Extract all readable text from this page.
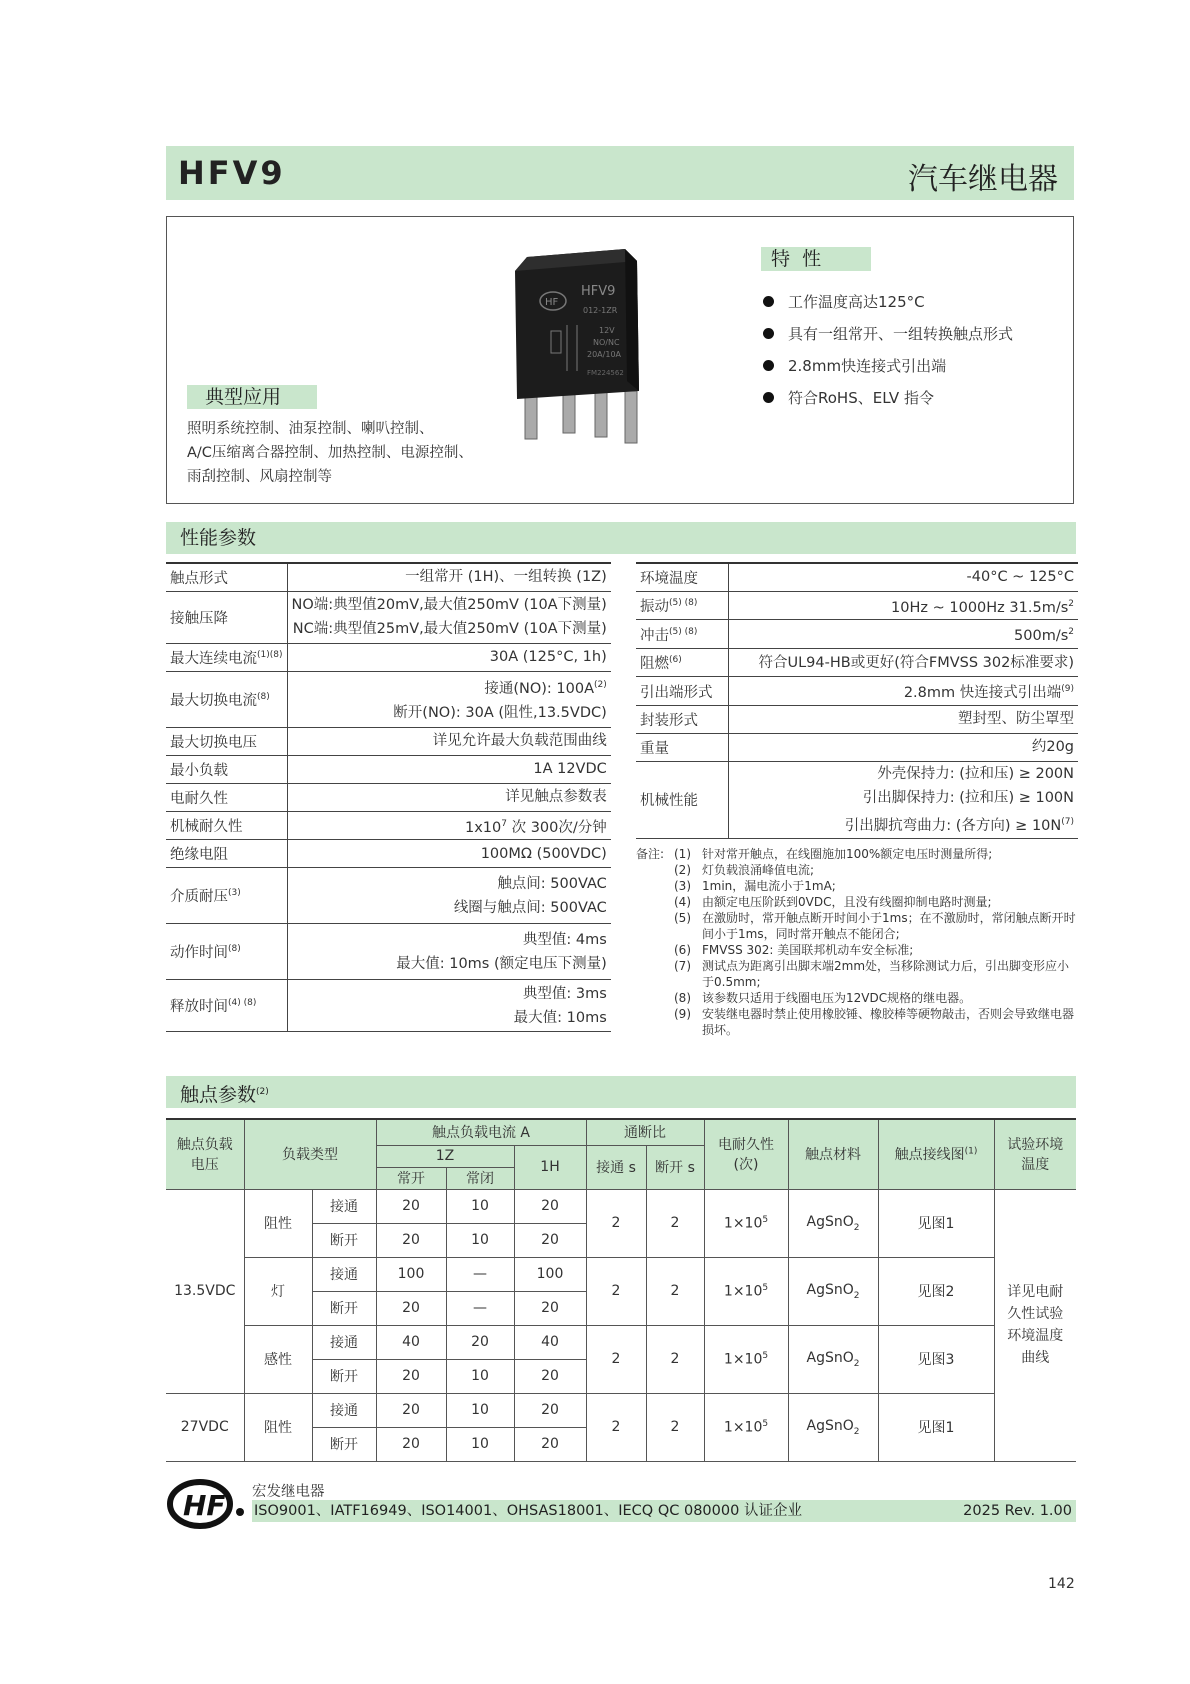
HFV9	汽车继电器
HF
HFV9
012-1ZR
12V
NO/NC
20A/10A
FM224562
特  性
工作温度高达125°C
具有一组常开、一组转换触点形式
2.8mm快连接式引出端
符合RoHS、ELV 指令
典型应用
照明系统控制、油泵控制、喇叭控制、
A/C压缩离合器控制、加热控制、电源控制、
雨刮控制、风扇控制等
性能参数
触点形式	一组常开 (1H)、一组转换 (1Z)

接触压降	NO端:典型值20mV,最大值250mV (10A下测量)
NC端:典型值25mV,最大值250mV (10A下测量)

最大连续电流$^{(1)(8)}$	30A (125°C, 1h)

最大切换电流$^{(8)}$	接通(NO): $100A^{(2)}$
断开(NO): 30A (阻性,13.5VDC)

最大切换电压	详见允许最大负载范围曲线

最小负载	1A 12VDC

电耐久性	详见触点参数表

机械耐久性	$1x10^7$ 次 300次/分钟

绝缘电阻	100MΩ (500VDC)

介质耐压$^{(3)}$	触点间: 500VAC
线圈与触点间: 500VAC

动作时间$^{(8)}$	典型值: 4ms
最大值: 10ms (额定电压下测量)

释放时间$^{(4) (8)}$	典型值: 3ms
最大值: 10ms
环境温度	-40°C ~ 125°C

振动$^{(5) (8)}$	10Hz ~ 1000Hz $31.5m/s^2$

冲击$^{(5) (8)}$	$500m/s^2$

阻燃$^{(6)}$	符合UL94-HB或更好(符合FMVSS 302标准要求)

引出端形式	2.8mm 快连接式引出端$^{(9)}$

封装形式	塑封型、防尘罩型

重量	约20g

机械性能	外壳保持力: (拉和压) ≥ 200N
引出脚保持力: (拉和压) ≥ 100N
引出脚抗弯曲力: (各方向) ≥ $10N^{(7)}$
备注: (1) 针对常开触点，在线圈施加100%额定电压时测量所得;
(2) 灯负载浪涌峰值电流;
(3) 1min，漏电流小于1mA;
(4) 由额定电压阶跃到0VDC，且没有线圈抑制电路时测量;
(5) 在激励时，常开触点断开时间小于1ms；在不激励时，常闭触点断开时间小于1ms，同时常开触点不能闭合;
(6) FMVSS 302: 美国联邦机动车安全标准;
(7) 测试点为距离引出脚末端2mm处，当移除测试力后，引出脚变形应小于0.5mm;
(8) 该参数只适用于线圈电压为12VDC规格的继电器。
(9) 安装继电器时禁止使用橡胶锤、橡胶棒等硬物敲击，否则会导致继电器损坏。
触点参数$^{(2)}$
触点负载电压	负载类型		触点负载电流 A			通断比		电耐久性 (次)	触点材料	触点接线图$^{(1)}$	试验环境温度
			1Z		1H	接通 s	断开 s				
			常开	常闭							
13.5VDC	阻性	接通	20	10	20	2	2	$1\times 10^5$	AgSnO$_2$	见图1	详见电耐
久性试验
环境温度
曲线

		断开	20	10	20						
	灯	接通	100	—	100	2	2	$1\times 10^5$	AgSnO$_2$	见图2	
		断开	20	—	20						
	感性	接通	40	20	40	2	2	$1\times 10^5$	AgSnO$_2$	见图3	
		断开	20	10	20						
27VDC	阻性	接通	20	10	20	2	2	$1\times 10^5$	AgSnO$_2$	见图1	
		断开	20	10	20						
HF 宏发继电器
ISO9001、IATF16949、ISO14001、OHSAS18001、IECQ QC 080000 认证企业	2025 Rev. 1.00
142
